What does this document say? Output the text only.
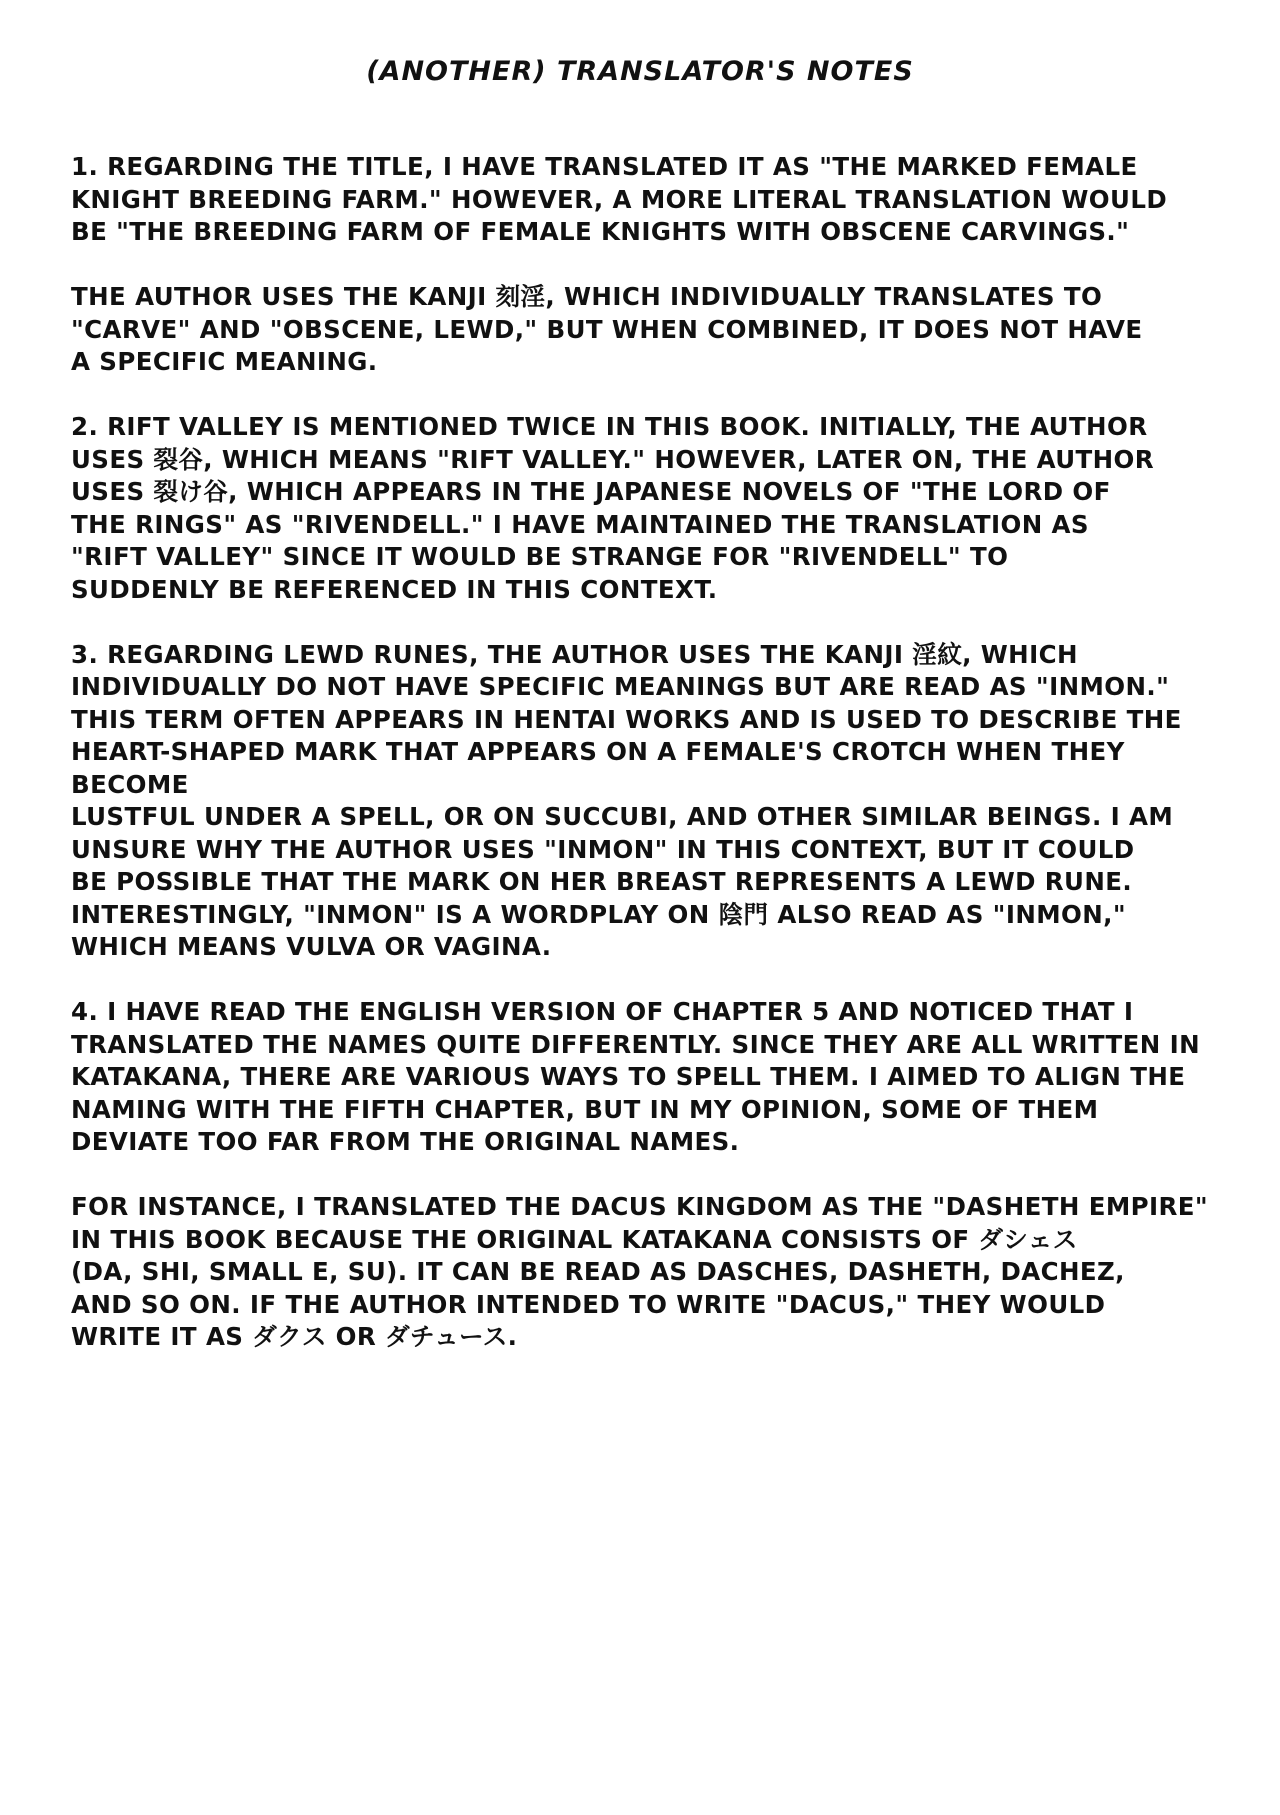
(ANOTHER) TRANSLATOR'S NOTES

1. REGARDING THE TITLE, I HAVE TRANSLATED IT AS "THE MARKED FEMALE
KNIGHT BREEDING FARM." HOWEVER, A MORE LITERAL TRANSLATION WOULD
BE "THE BREEDING FARM OF FEMALE KNIGHTS WITH OBSCENE CARVINGS."

THE AUTHOR USES THE KANJI 刻淫, WHICH INDIVIDUALLY TRANSLATES TO
"CARVE" AND "OBSCENE, LEWD," BUT WHEN COMBINED, IT DOES NOT HAVE
A SPECIFIC MEANING.

2. RIFT VALLEY IS MENTIONED TWICE IN THIS BOOK. INITIALLY, THE AUTHOR
USES 裂谷, WHICH MEANS "RIFT VALLEY." HOWEVER, LATER ON, THE AUTHOR
USES 裂け谷, WHICH APPEARS IN THE JAPANESE NOVELS OF "THE LORD OF
THE RINGS" AS "RIVENDELL." I HAVE MAINTAINED THE TRANSLATION AS
"RIFT VALLEY" SINCE IT WOULD BE STRANGE FOR "RIVENDELL" TO
SUDDENLY BE REFERENCED IN THIS CONTEXT.

3. REGARDING LEWD RUNES, THE AUTHOR USES THE KANJI 淫紋, WHICH
INDIVIDUALLY DO NOT HAVE SPECIFIC MEANINGS BUT ARE READ AS "INMON."
THIS TERM OFTEN APPEARS IN HENTAI WORKS AND IS USED TO DESCRIBE THE
HEART-SHAPED MARK THAT APPEARS ON A FEMALE'S CROTCH WHEN THEY BECOME
LUSTFUL UNDER A SPELL, OR ON SUCCUBI, AND OTHER SIMILAR BEINGS. I AM
UNSURE WHY THE AUTHOR USES "INMON" IN THIS CONTEXT, BUT IT COULD
BE POSSIBLE THAT THE MARK ON HER BREAST REPRESENTS A LEWD RUNE.
INTERESTINGLY, "INMON" IS A WORDPLAY ON 陰門 ALSO READ AS "INMON,"
WHICH MEANS VULVA OR VAGINA.

4. I HAVE READ THE ENGLISH VERSION OF CHAPTER 5 AND NOTICED THAT I
TRANSLATED THE NAMES QUITE DIFFERENTLY. SINCE THEY ARE ALL WRITTEN IN
KATAKANA, THERE ARE VARIOUS WAYS TO SPELL THEM. I AIMED TO ALIGN THE
NAMING WITH THE FIFTH CHAPTER, BUT IN MY OPINION, SOME OF THEM
DEVIATE TOO FAR FROM THE ORIGINAL NAMES.

FOR INSTANCE, I TRANSLATED THE DACUS KINGDOM AS THE "DASHETH EMPIRE"
IN THIS BOOK BECAUSE THE ORIGINAL KATAKANA CONSISTS OF ダシェス
(DA, SHI, SMALL E, SU). IT CAN BE READ AS DASCHES, DASHETH, DACHEZ,
AND SO ON. IF THE AUTHOR INTENDED TO WRITE "DACUS," THEY WOULD
WRITE IT AS ダクス OR ダチュース.
